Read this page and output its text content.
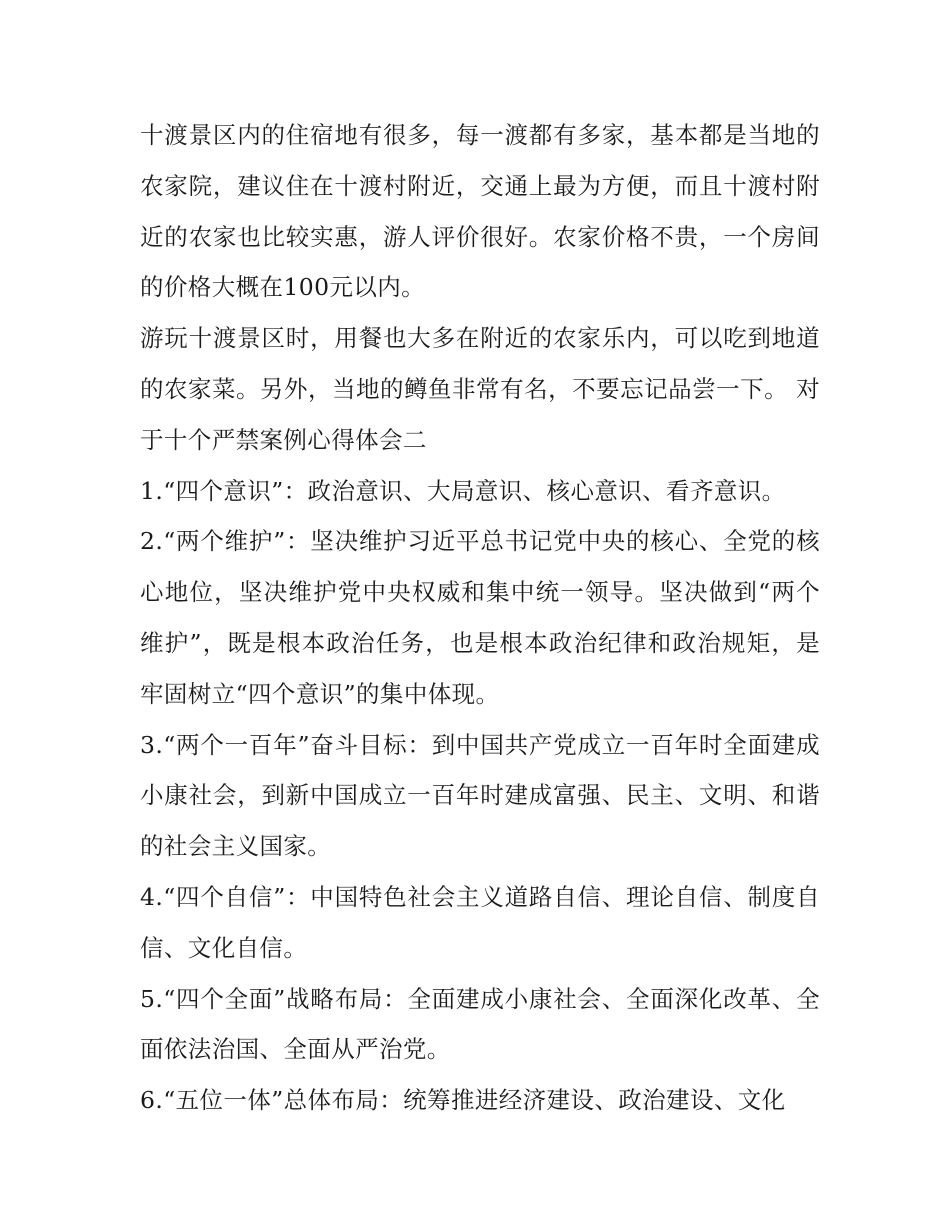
十渡景区内的住宿地有很多，每一渡都有多家，基本都是当地的农家院，建议住在十渡村附近，交通上最为方便，而且十渡村附近的农家也比较实惠，游人评价很好。农家价格不贵，一个房间的价格大概在100元以内。

游玩十渡景区时，用餐也大多在附近的农家乐内，可以吃到地道的农家菜。另外，当地的鳟鱼非常有名，不要忘记品尝一下。 对于十个严禁案例心得体会二

1.“四个意识”：政治意识、大局意识、核心意识、看齐意识。

2.“两个维护”：坚决维护习近平总书记党中央的核心、全党的核心地位，坚决维护党中央权威和集中统一领导。坚决做到“两个维护”，既是根本政治任务，也是根本政治纪律和政治规矩，是牢固树立“四个意识”的集中体现。

3.“两个一百年”奋斗目标：到中国共产党成立一百年时全面建成小康社会，到新中国成立一百年时建成富强、民主、文明、和谐的社会主义国家。

4.“四个自信”：中国特色社会主义道路自信、理论自信、制度自信、文化自信。

5.“四个全面”战略布局：全面建成小康社会、全面深化改革、全面依法治国、全面从严治党。

6.“五位一体”总体布局：统筹推进经济建设、政治建设、文化
